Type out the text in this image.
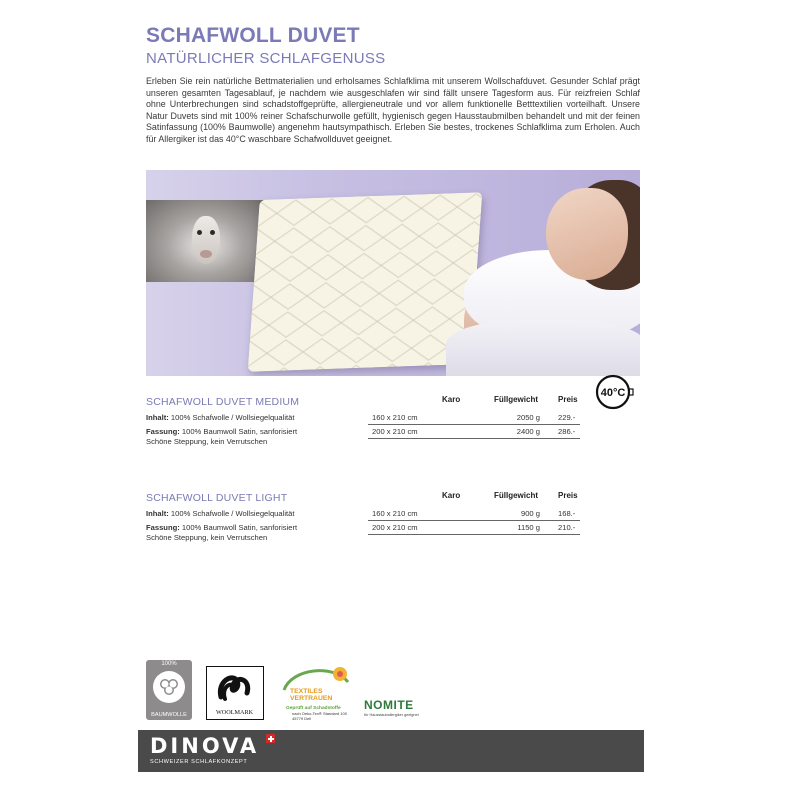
SCHAFWOLL DUVET
NATÜRLICHER SCHLAFGENUSS

Erleben Sie rein natürliche Bettmaterialien und erholsames Schlafklima mit unserem Wollschafduvet. Gesunder Schlaf prägt unseren gesamten Tagesablauf, je nachdem wie ausgeschlafen wir sind fällt unsere Tagesform aus. Für reizfreien Schlaf ohne Unterbrechungen sind schadstoffgeprüfte, allergieneutrale und vor allem funktionelle Betttextilien vorteilhaft. Unsere Natur Duvets sind mit 100% reiner Schafschurwolle gefüllt, hygienisch gegen Hausstaubmilben behandelt und mit der feinen Satinfassung (100% Baumwolle) angenehm hautsympathisch. Erleben Sie bestes, trockenes Schlafklima zum Erholen. Auch für Allergiker ist das 40°C waschbare Schafwollduvet geeignet.

40°C
SCHAFWOLL DUVET MEDIUM	Karo	Füllgewicht	Preis
Inhalt: 100% Schafwolle / Wollsiegelqualität	160 x 210 cm	2050 g 229.-
Fassung: 100% Baumwoll Satin, sanforisiert
Schöne Steppung, kein Verrutschen
200 x 210 cm	2400 g 286.-
SCHAFWOLL DUVET LIGHT	Karo	Füllgewicht	Preis
Inhalt: 100% Schafwolle / Wollsiegelqualität	160 x 210 cm	900 g 168.-
Fassung: 100% Baumwoll Satin, sanforisiert
Schöne Steppung, kein Verrutschen
200 x 210 cm	1150 g 210.-
100%
BAUMWOLLE	WOOLMARK
TEXTILES
VERTRAUEN
Geprüft auf Schadstoffe
nach Oeko-Tex® Standard 100
45779 Dell
NOMITE
für Hausstauballergiker geeignet
DINOVA
SCHWEIZER SCHLAFKONZEPT
